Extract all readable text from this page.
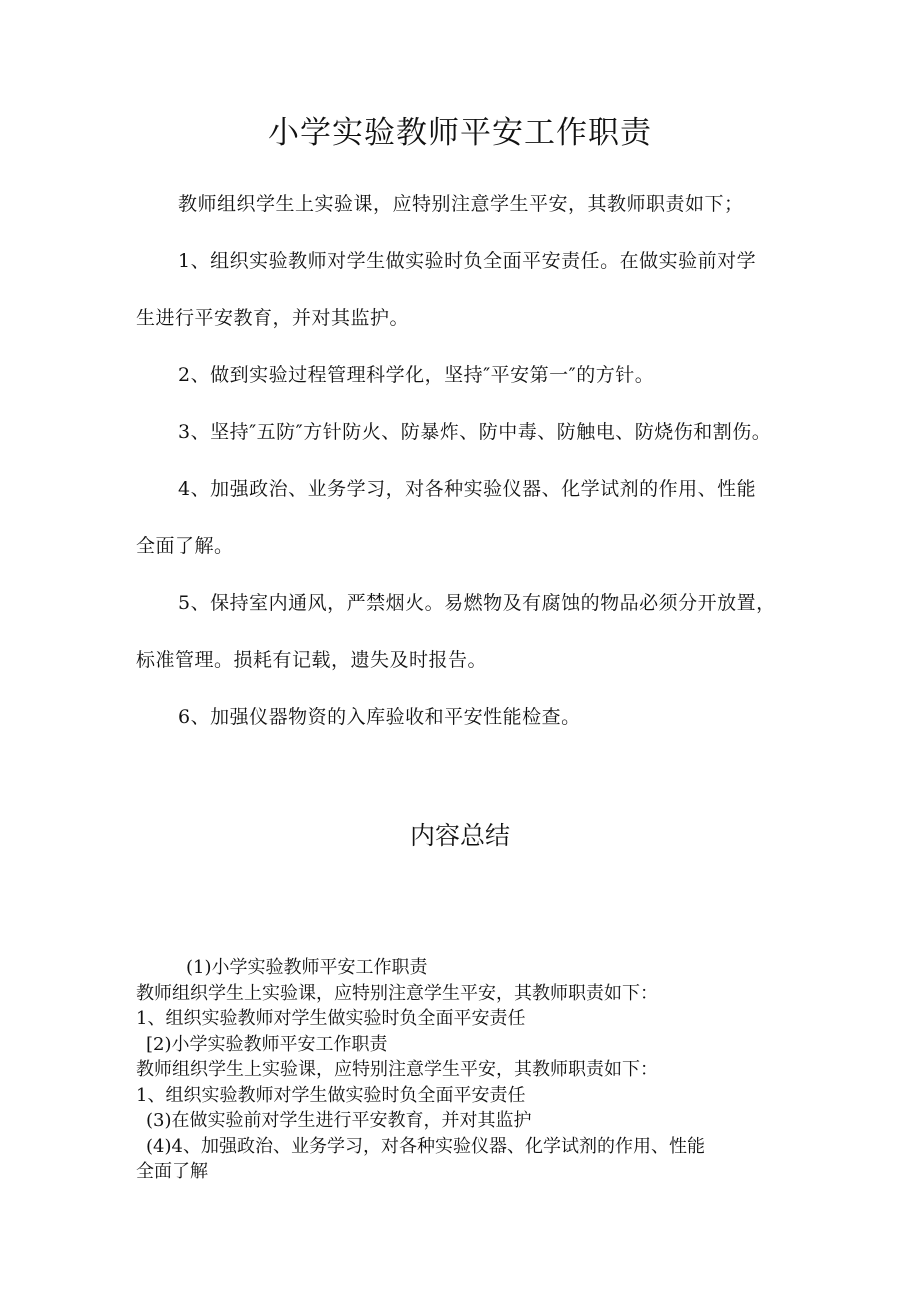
小学实验教师平安工作职责
教师组织学生上实验课，应特别注意学生平安，其教师职责如下；
1、组织实验教师对学生做实验时负全面平安责任。在做实验前对学
生进行平安教育，并对其监护。
2、做到实验过程管理科学化，坚持″平安第一″的方针。
3、坚持″五防″方针防火、防暴炸、防中毒、防触电、防烧伤和割伤。
4、加强政治、业务学习，对各种实验仪器、化学试剂的作用、性能
全面了解。
5、保持室内通风，严禁烟火。易燃物及有腐蚀的物品必须分开放置，
标准管理。损耗有记载，遗失及时报告。
6、加强仪器物资的入库验收和平安性能检查。
内容总结
(1)小学实验教师平安工作职责
教师组织学生上实验课，应特别注意学生平安，其教师职责如下：
1、组织实验教师对学生做实验时负全面平安责任
[2)小学实验教师平安工作职责
教师组织学生上实验课，应特别注意学生平安，其教师职责如下：
1、组织实验教师对学生做实验时负全面平安责任
(3)在做实验前对学生进行平安教育，并对其监护
(4)4、加强政治、业务学习，对各种实验仪器、化学试剂的作用、性能
全面了解
